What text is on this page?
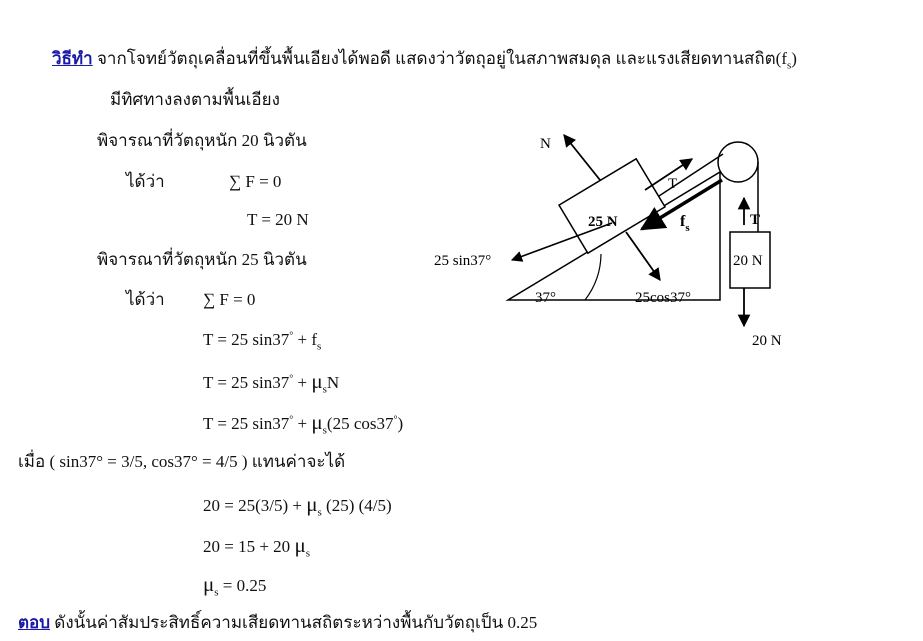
วิธีทำ จากโจทย์วัตถุเคลื่อนที่ขึ้นพื้นเอียงได้พอดี แสดงว่าวัตถุอยู่ในสภาพสมดุล และแรงเสียดทานสถิต$(f_s)$
มีทิศทางลงตามพื้นเอียง
พิจารณาที่วัตถุหนัก 20 นิวตัน
ได้ว่า	∑ F = 0
T = 20 N
พิจารณาที่วัตถุหนัก 25 นิวตัน
ได้ว่า ∑ F = 0
T = 25 $\sin 37^\circ + f_s$
T = 25 $\sin 37^\circ + \mu_sN$
T = 25 $\sin 37^\circ + \mu_s(25$ cos37°)
เมื่อ ( sin37° = 3/5, cos37° = 4/5 ) แทนค่าจะได้
$20 = 25(3/5) + \mu_s$ (25) (4/5)
20 = 15 + 20 $\mu_s$
$\mu_s = 0.25$
ตอบ ดังนั้นค่าสัมประสิทธิ์ความเสียดทานสถิตระหว่างพื้นกับวัตถุเป็น 0.25
37°
25 N
N
T
$f_s$
25 sin37°
25cos37°
T
20 N
20 N
